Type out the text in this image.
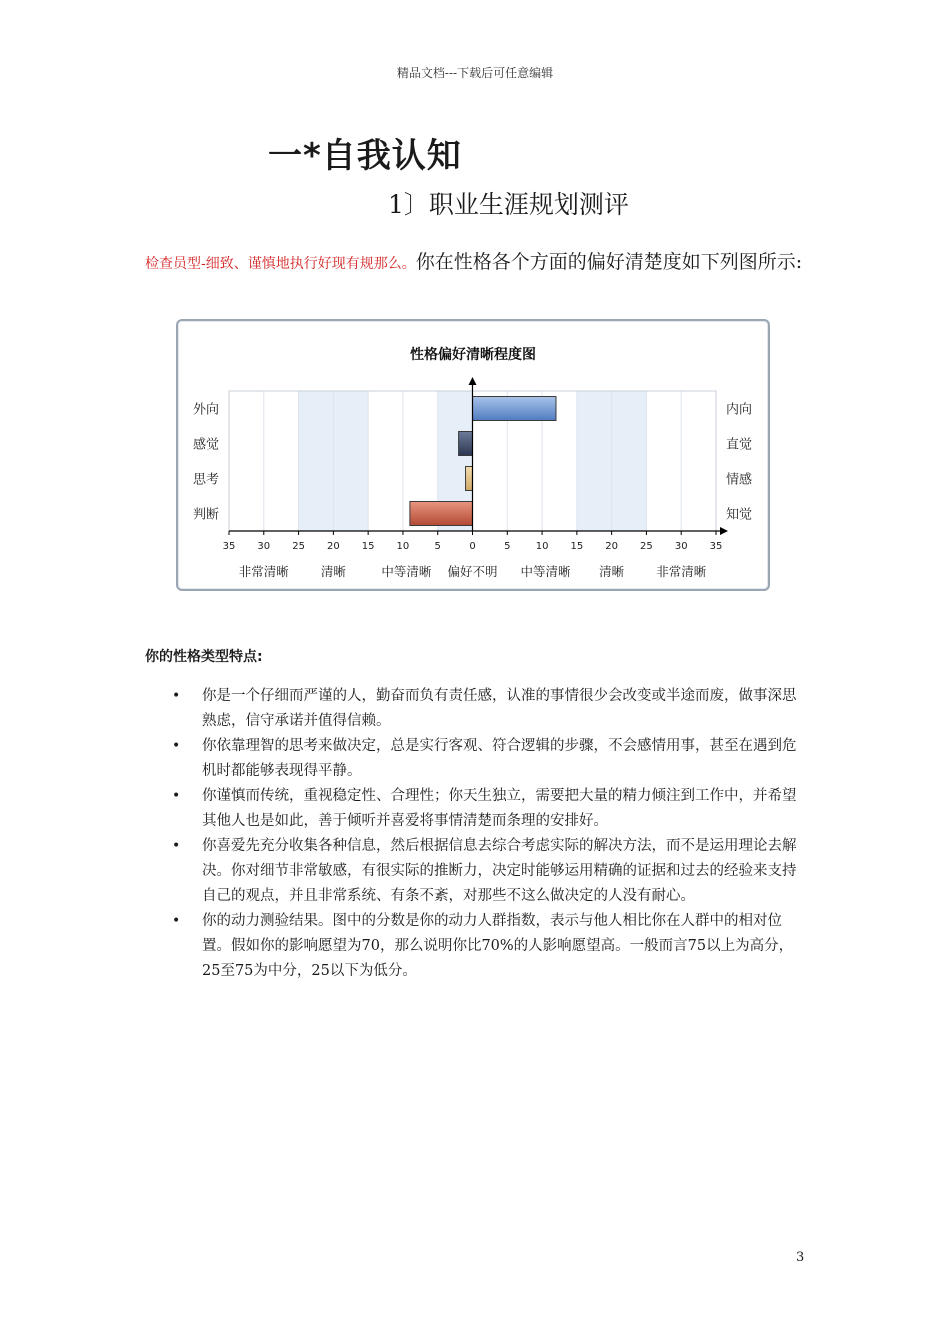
精品文档---下载后可任意编辑
一*自我认知
1〕职业生涯规划测评
检查员型-细致、谨慎地执行好现有规那么。你在性格各个方面的偏好清楚度如下列图所示:
性格偏好清晰程度图
外向
感觉
思考
判断
内向
直觉
情感
知觉
35 30 25 20 15 10	5	0	5	10 15 20 25 30 35
非常清晰	清晰	中等清晰 偏好不明 中等清晰 清晰	非常清晰
你的性格类型特点:
• 你是一个仔细而严谨的人，勤奋而负有责任感，认准的事情很少会改变或半途而废，做事深思熟虑，信守承诺并值得信赖。
• 你依靠理智的思考来做决定，总是实行客观、符合逻辑的步骤，不会感情用事，甚至在遇到危机时都能够表现得平静。
• 你谨慎而传统，重视稳定性、合理性；你天生独立，需要把大量的精力倾注到工作中，并希望其他人也是如此，善于倾听并喜爱将事情清楚而条理的安排好。
• 你喜爱先充分收集各种信息，然后根据信息去综合考虑实际的解决方法，而不是运用理论去解决。你对细节非常敏感，有很实际的推断力，决定时能够运用精确的证据和过去的经验来支持自己的观点，并且非常系统、有条不紊，对那些不这么做决定的人没有耐心。
• 你的动力测验结果。图中的分数是你的动力人群指数，表示与他人相比你在人群中的相对位置。假如你的影响愿望为70，那么说明你比70%的人影响愿望高。一般而言75以上为高分，25至75为中分，25以下为低分。
3
